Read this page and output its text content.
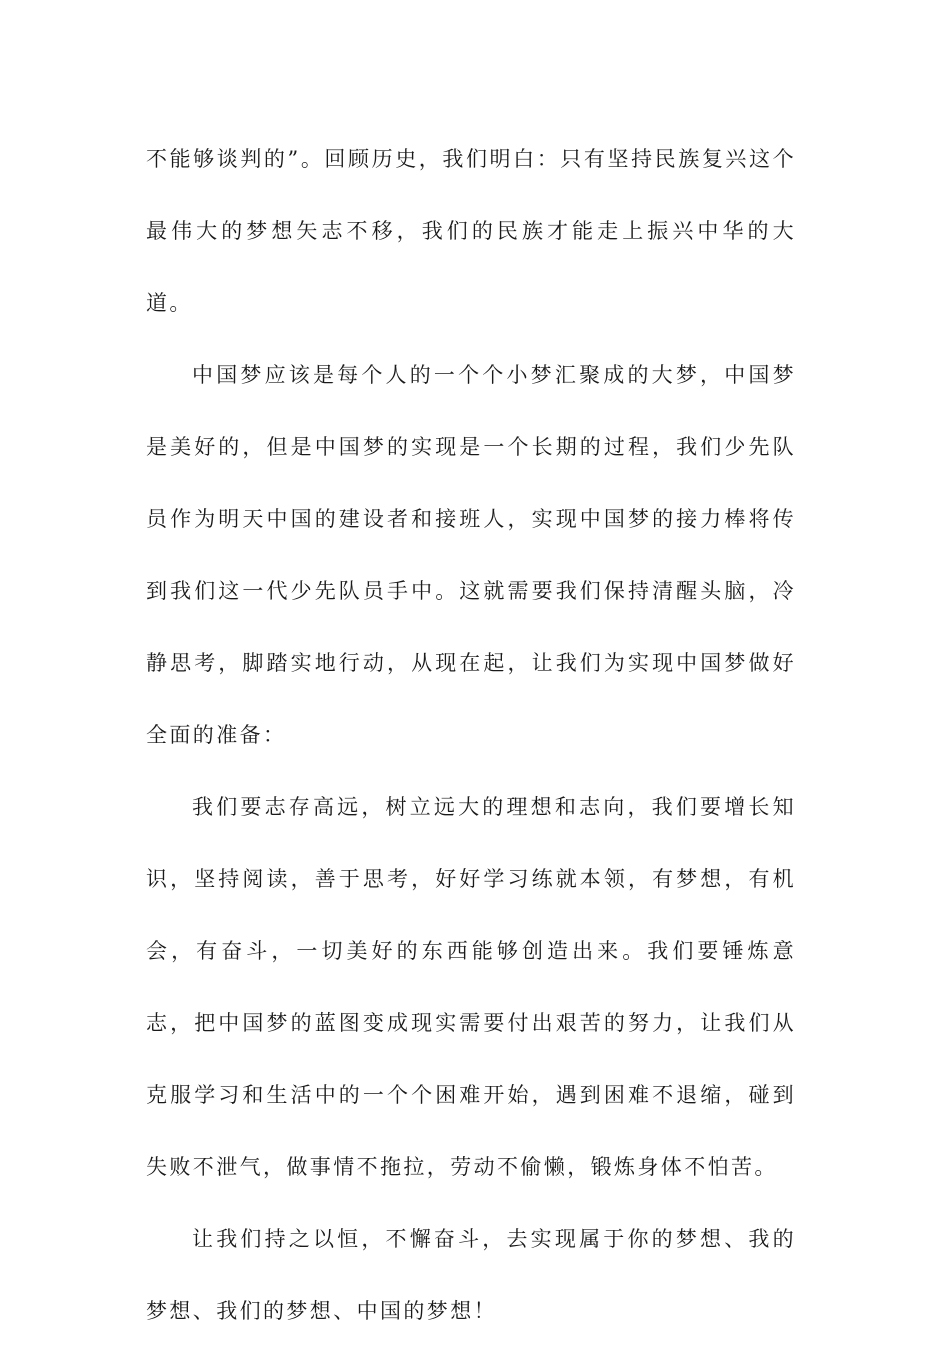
不能够谈判的”。回顾历史，我们明白：只有坚持民族复兴这个最伟大的梦想矢志不移，我们的民族才能走上振兴中华的大道。

中国梦应该是每个人的一个个小梦汇聚成的大梦，中国梦是美好的，但是中国梦的实现是一个长期的过程，我们少先队员作为明天中国的建设者和接班人，实现中国梦的接力棒将传到我们这一代少先队员手中。这就需要我们保持清醒头脑，冷静思考，脚踏实地行动，从现在起，让我们为实现中国梦做好全面的准备：

我们要志存高远，树立远大的理想和志向，我们要增长知识，坚持阅读，善于思考，好好学习练就本领，有梦想，有机会，有奋斗，一切美好的东西能够创造出来。我们要锤炼意志，把中国梦的蓝图变成现实需要付出艰苦的努力，让我们从克服学习和生活中的一个个困难开始，遇到困难不退缩，碰到失败不泄气，做事情不拖拉，劳动不偷懒，锻炼身体不怕苦。

让我们持之以恒，不懈奋斗，去实现属于你的梦想、我的梦想、我们的梦想、中国的梦想！
